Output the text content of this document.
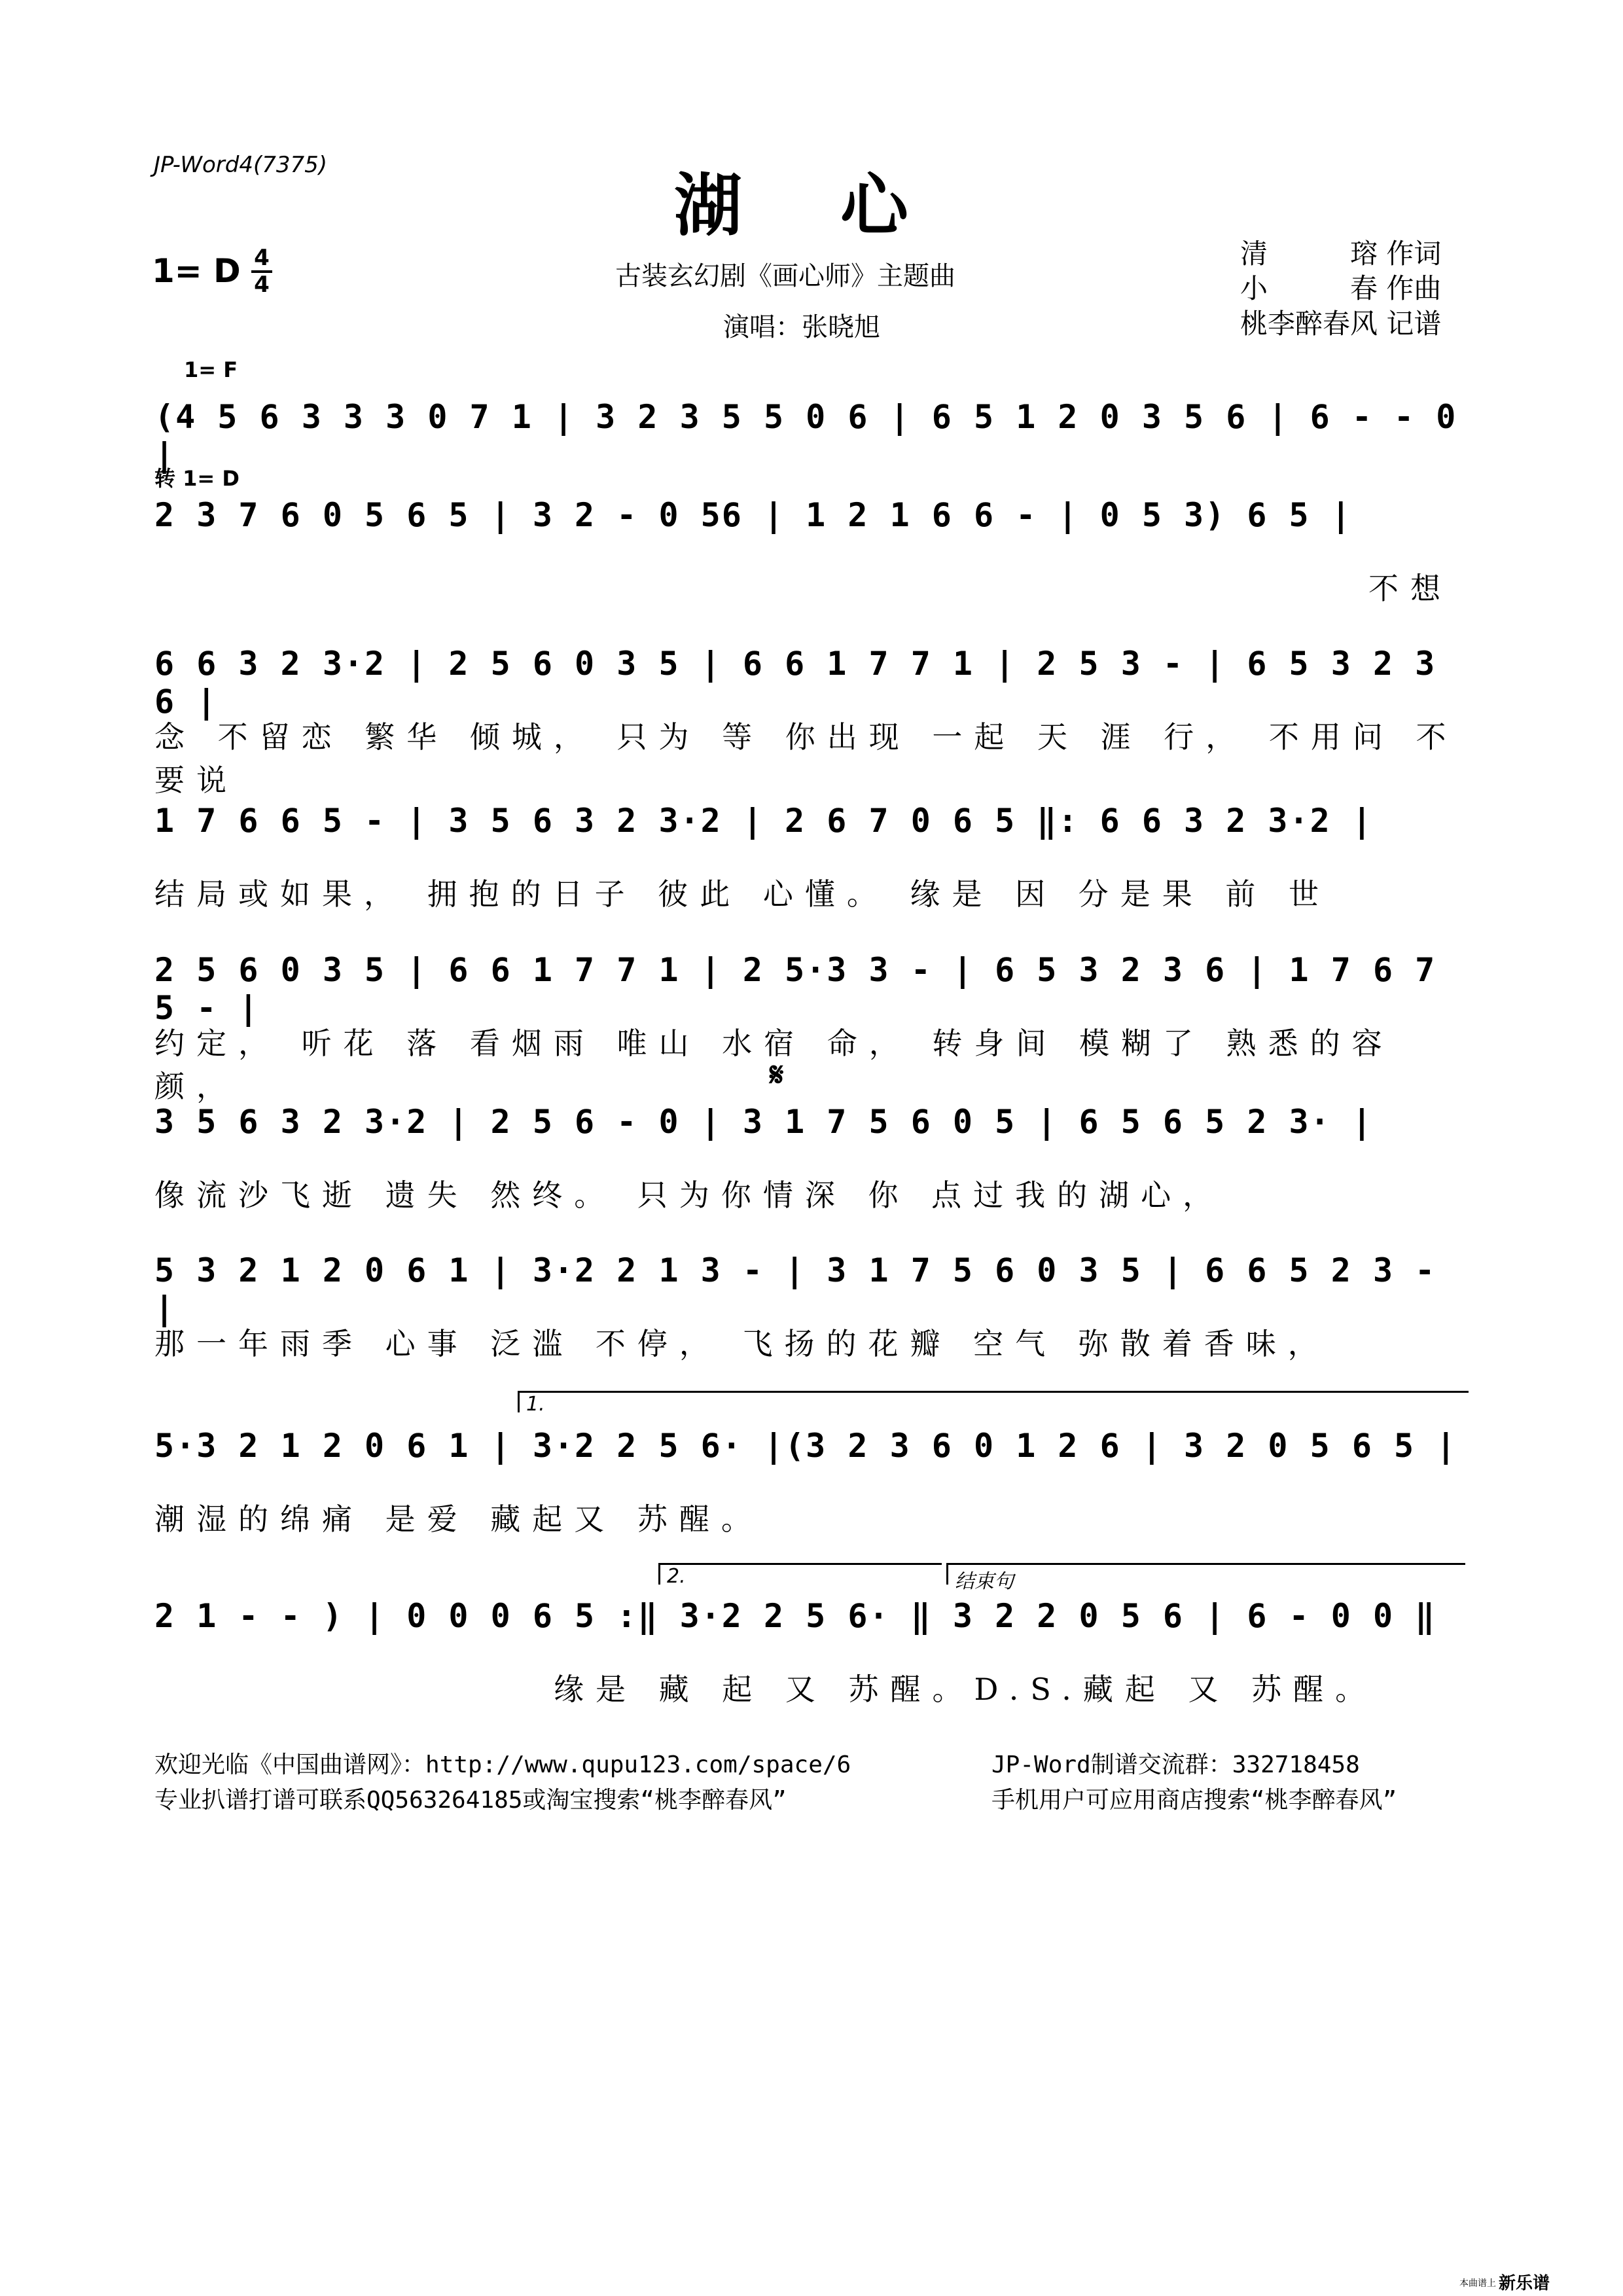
JP-Word4(7375)	湖心
1= D 4
4	古装玄幻剧《画心师》主题曲
演唱：张晓旭
清瑢 作词
小春 作曲
桃李醉春风 记谱
1= F
(4 5 6 3 3 3 0 7 1 | 3 2 3 5 5 0 6 | 6 5 1 2 0 3 5 6 | 6 - - 0 |
转 1= D
2 3 7 6 0 5 6 5 | 3 2 - 0 56 | 1 2 1 6 6 - | 0 5 3) 6 5 |
不想
6 6 3 2 3·2 | 2 5 6 0 3 5 | 6 6 1 7 7 1 | 2 5 3 - | 6 5 3 2 3 6 |
念 不留恋 繁华 倾城， 只为 等 你出现 一起 天 涯 行， 不用问 不要说
1 7 6 6 5 - | 3 5 6 3 2 3·2 | 2 6 7 0 6 5 ‖: 6 6 3 2 3·2 |
结局或如果， 拥抱的日子 彼此 心懂。 缘是 因 分是果 前 世
2 5 6 0 3 5 | 6 6 1 7 7 1 | 2 5·3 3 - | 6 5 3 2 3 6 | 1 7 6 7 5 - |
约定， 听花 落 看烟雨 唯山 水宿 命， 转身间 模糊了 熟悉的容颜，	𝄋
3 5 6 3 2 3·2 | 2 5 6 - 0 | 3 1 7 5 6 0 5 | 6 5 6 5 2 3· |
像流沙飞逝 遗失 然终。 只为你情深 你 点过我的湖心，
5 3 2 1 2 0 6 1 | 3·2 2 1 3 - | 3 1 7 5 6 0 3 5 | 6 6 5 2 3 - |
那一年雨季 心事 泛滥 不停， 飞扬的花瓣 空气 弥散着香味，
1.
5·3 2 1 2 0 6 1 | 3·2 2 5 6· |(3 2 3 6 0 1 2 6 | 3 2 0 5 6 5 |
潮湿的绵痛 是爱 藏起又 苏醒。
2.	结束句
2 1 - - ) | 0 0 0 6 5 :‖ 3·2 2 5 6· ‖ 3 2 2 0 5 6 | 6 - 0 0 ‖
缘是 藏 起 又 苏醒。D.S.藏起 又 苏醒。
欢迎光临《中国曲谱网》：http://www.qupu123.com/space/6
专业扒谱打谱可联系QQ563264185或淘宝搜索“桃李醉春风”
JP-Word制谱交流群：332718458
手机用户可应用商店搜索“桃李醉春风”
本曲谱上 新乐谱
